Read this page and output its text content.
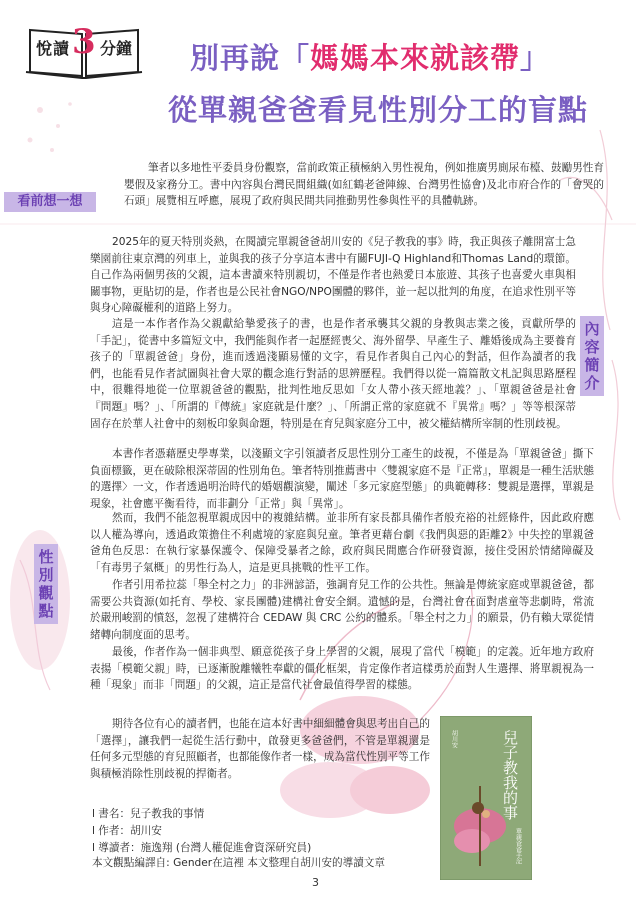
悅讀 3 分鐘 別再說「媽媽本來就該帶」
從單親爸爸看見性別分工的盲點
看前想一想
內容簡介
性別觀點
筆者以多地性平委員身份觀察，當前政策正積極納入男性視角，例如推廣男廁尿布檯、鼓勵男性育嬰假及家務分工。書中內容與台灣民間組織(如紅鶴老爸陣線、台灣男性協會)及北市府合作的「會哭的石頭」展覽相互呼應，展現了政府與民間共同推動男性參與性平的具體軌跡。
2025年的夏天特別炎熱，在閱讀完單親爸爸胡川安的《兒子教我的事》時，我正與孩子離開富士急樂園前往東京灣的列車上，並與我的孩子分享這本書中有關FUJI-Q Highland和Thomas Land的環節。自己作為兩個男孩的父親，這本書讀來特別親切，不僅是作者也熱愛日本旅遊、其孩子也喜愛火車與相關事物，更貼切的是，作者也是公民社會NGO/NPO團體的夥伴，並一起以批判的角度，在追求性別平等與身心障礙權利的道路上努力。
這是一本作者作為父親獻給摯愛孩子的書，也是作者承襲其父親的身教與志業之後，貢獻所學的「手記」，從書中多篇短文中，我們能與作者一起歷經喪父、海外留學、早產生子、離婚後成為主要養育孩子的「單親爸爸」身份，進而透過淺顯易懂的文字，看見作者與自己內心的對話，但作為讀者的我們，也能看見作者試圖與社會大眾的觀念進行對話的思辨歷程。我們得以從一篇篇散文札記與思路歷程中，很難得地從一位單親爸爸的觀點，批判性地反思如「女人帶小孩天經地義？」、「單親爸爸是社會『問題』嗎？」、「所謂的『傳統』家庭就是什麼？」、「所謂正常的家庭就不『異常』嗎？」等等根深蒂固存在於華人社會中的刻板印象與命題，特別是在育兒與家庭分工中，被父權結構所宰制的性別歧視。
本書作者憑藉歷史學專業，以淺顯文字引領讀者反思性別分工產生的歧視，不僅是為「單親爸爸」撕下負面標籤，更在破除根深蒂固的性別角色。筆者特別推薦書中〈雙親家庭不是『正常』，單親是一種生活狀態的選擇〉一文，作者透過明治時代的婚姻觀演變，闡述「多元家庭型態」的典範轉移：雙親是選擇，單親是現象，社會應平衡看待，而非劃分「正常」與「異常」。
然而，我們不能忽視單親成因中的複雜結構。並非所有家長都具備作者般充裕的社經條件，因此政府應以人權為導向，透過政策擔住不利處境的家庭與兒童。筆者更藉台劇《我們與惡的距離2》中失控的單親爸爸角色反思：在執行家暴保護令、保障受暴者之餘，政府與民間應合作研發資源，接住受困於情緒障礙及「有毒男子氣概」的男性行為人，這是更具挑戰的性平工作。
作者引用希拉蕊「舉全村之力」的非洲諺語，強調育兒工作的公共性。無論是傳統家庭或單親爸爸，都需要公共資源(如托育、學校、家長團體)建構社會安全網。遺憾的是，台灣社會在面對虐童等悲劇時，常流於嚴刑峻罰的憤怒，忽視了建構符合 CEDAW 與 CRC 公約的體系。「舉全村之力」的願景，仍有賴大眾從情緒轉向制度面的思考。
最後，作者作為一個非典型、願意從孩子身上學習的父親，展現了當代「模範」的定義。近年地方政府表揚「模範父親」時，已逐漸脫離犧牲奉獻的僵化框架，肯定像作者這樣勇於面對人生選擇、將單親視為一種「現象」而非「問題」的父親，這正是當代社會最值得學習的樣態。
期待各位有心的讀者們，也能在這本好書中細細體會與思考出自己的「選擇」，讓我們一起從生活行動中，啟發更多爸爸們，不管是單親還是任何多元型態的育兒照顧者，也都能像作者一樣，成為當代性別平等工作與積極消除性別歧視的捍衛者。
l 書名：兒子教我的事情
l 作者：胡川安
l 導讀者：施逸翔 (台灣人權促進會資深研究員)
本文觀點編譯自: Gender在這裡 本文整理自胡川安的導讀文章
兒子教我的事
胡川安
單親爸爸手記
3
